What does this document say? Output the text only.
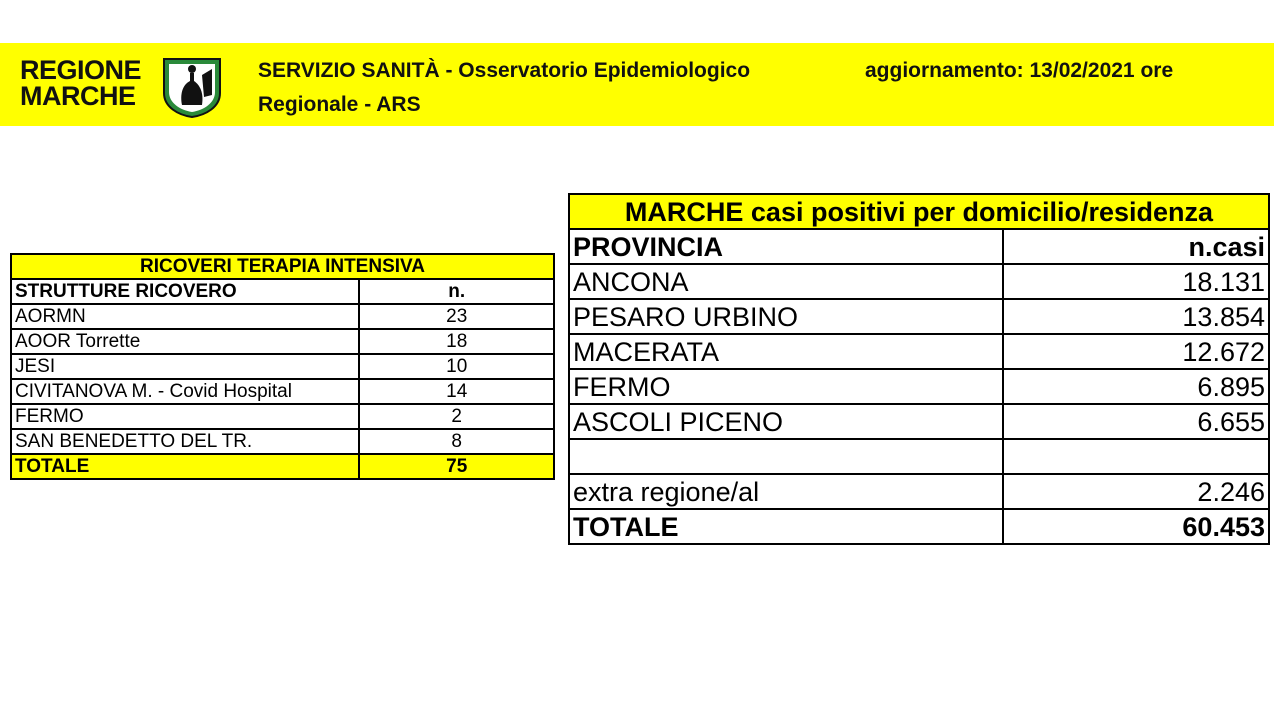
REGIONE
MARCHE
SERVIZIO SANITÀ - Osservatorio Epidemiologico Regionale - ARS
aggiornamento: 13/02/2021 ore
RICOVERI TERAPIA INTENSIVA	
STRUTTURE RICOVERO	n.
AORMN	23
AOOR Torrette	18
JESI	10
CIVITANOVA M. - Covid Hospital	14
FERMO	2
SAN BENEDETTO DEL TR.	8
TOTALE	75
MARCHE casi positivi per domicilio/residenza	
PROVINCIA	n.casi
ANCONA	18.131
PESARO URBINO	13.854
MACERATA	12.672
FERMO	6.895
ASCOLI PICENO	6.655

extra regione/al	2.246
TOTALE	60.453
